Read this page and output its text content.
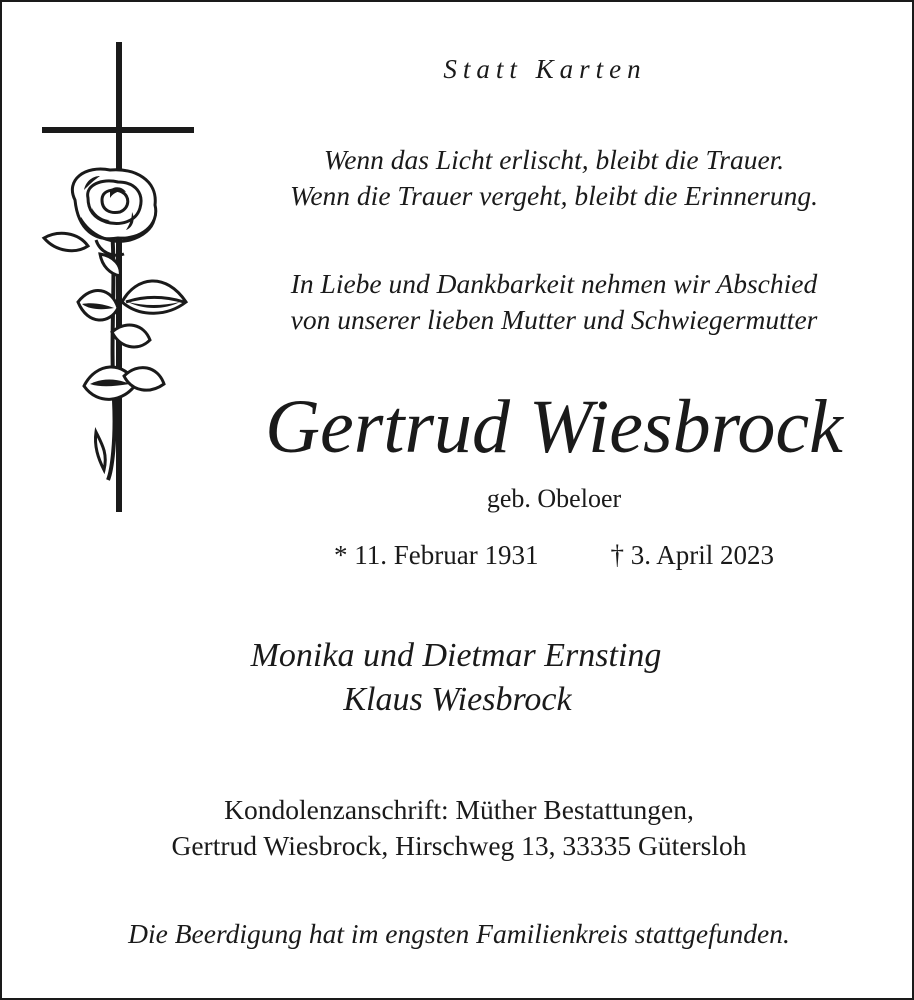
Statt Karten
Wenn das Licht erlischt, bleibt die Trauer.
Wenn die Trauer vergeht, bleibt die Erinnerung.
In Liebe und Dankbarkeit nehmen wir Abschied
von unserer lieben Mutter und Schwiegermutter
Gertrud Wiesbrock
geb. Obeloer
* 11. Februar 1931	† 3. April 2023
Monika und Dietmar Ernsting
Klaus Wiesbrock
Kondolenzanschrift: Müther Bestattungen,
Gertrud Wiesbrock, Hirschweg 13, 33335 Gütersloh
Die Beerdigung hat im engsten Familienkreis stattgefunden.
